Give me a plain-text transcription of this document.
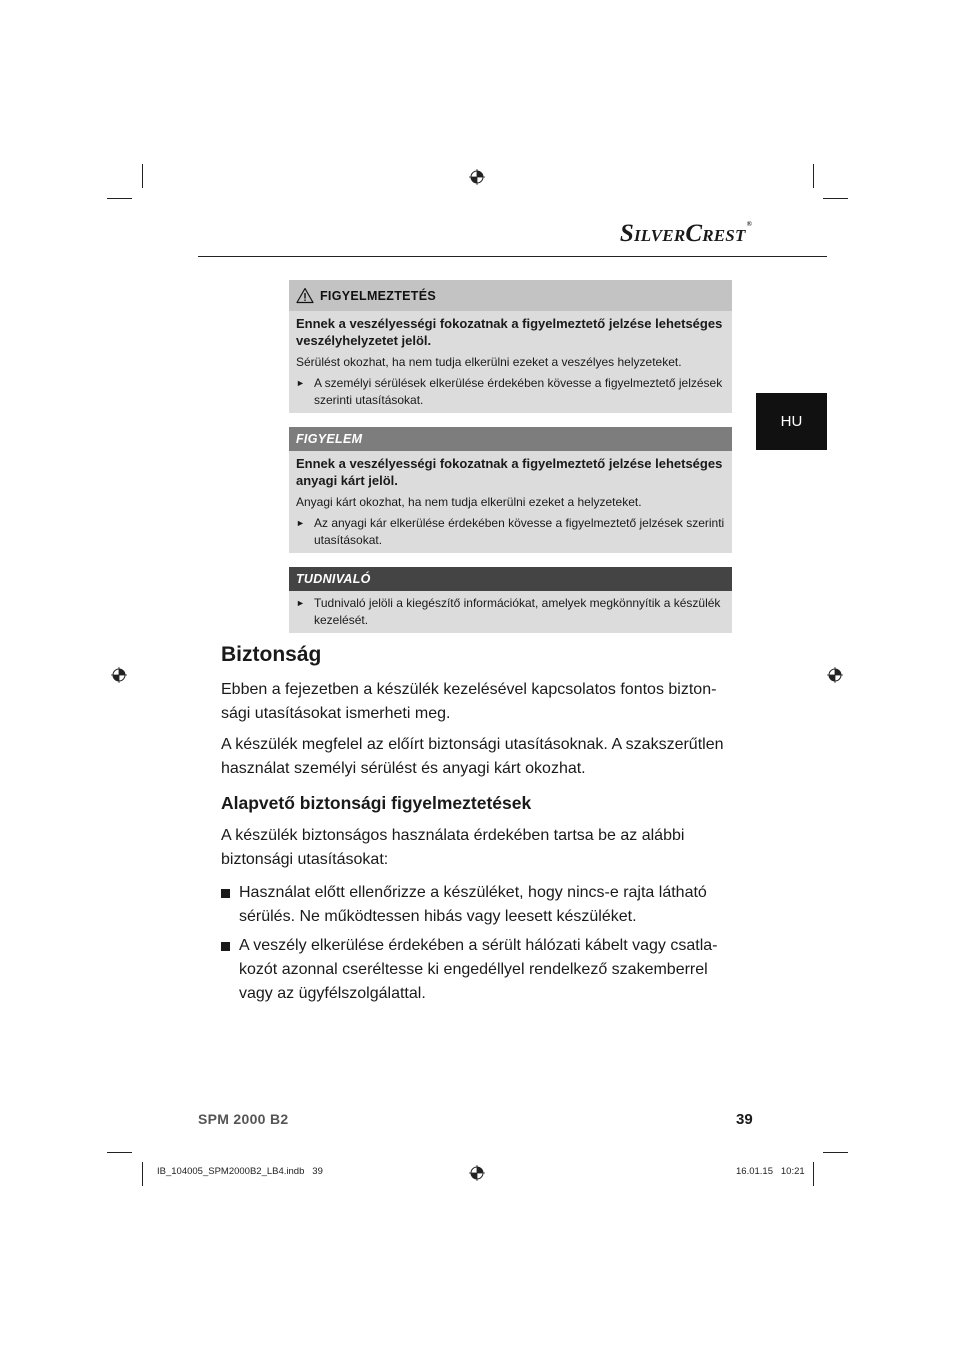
SILVERCREST®
HU
FIGYELMEZTETÉS
Ennek a veszélyességi fokozatnak a figyelmeztető jelzése lehetséges veszélyhelyzetet jelöl.
Sérülést okozhat, ha nem tudja elkerülni ezeket a veszélyes helyzeteket.
► A személyi sérülések elkerülése érdekében kövesse a figyelmeztető jelzések szerinti utasításokat.
FIGYELEM
Ennek a veszélyességi fokozatnak a figyelmeztető jelzése lehetséges anyagi kárt jelöl.
Anyagi kárt okozhat, ha nem tudja elkerülni ezeket a helyzeteket.
► Az anyagi kár elkerülése érdekében kövesse a figyelmeztető jelzések szerinti utasításokat.
TUDNIVALÓ
► Tudnivaló jelöli a kiegészítő információkat, amelyek megkönnyítik a készülék kezelését.
Biztonság

Ebben a fejezetben a készülék kezelésével kapcsolatos fontos bizton-sági utasításokat ismerheti meg.

A készülék megfelel az előírt biztonsági utasításoknak. A szakszerűtlen használat személyi sérülést és anyagi kárt okozhat.

Alapvető biztonsági figyelmeztetések

A készülék biztonságos használata érdekében tartsa be az alábbi biztonsági utasításokat:

Használat előtt ellenőrizze a készüléket, hogy nincs-e rajta látható sérülés. Ne működtessen hibás vagy leesett készüléket.
A veszély elkerülése érdekében a sérült hálózati kábelt vagy csatla-kozót azonnal cseréltesse ki engedéllyel rendelkező szakemberrel vagy az ügyfélszolgálattal.
SPM 2000 B2	39
IB_104005_SPM2000B2_LB4.indb   39	16.01.15   10:21
